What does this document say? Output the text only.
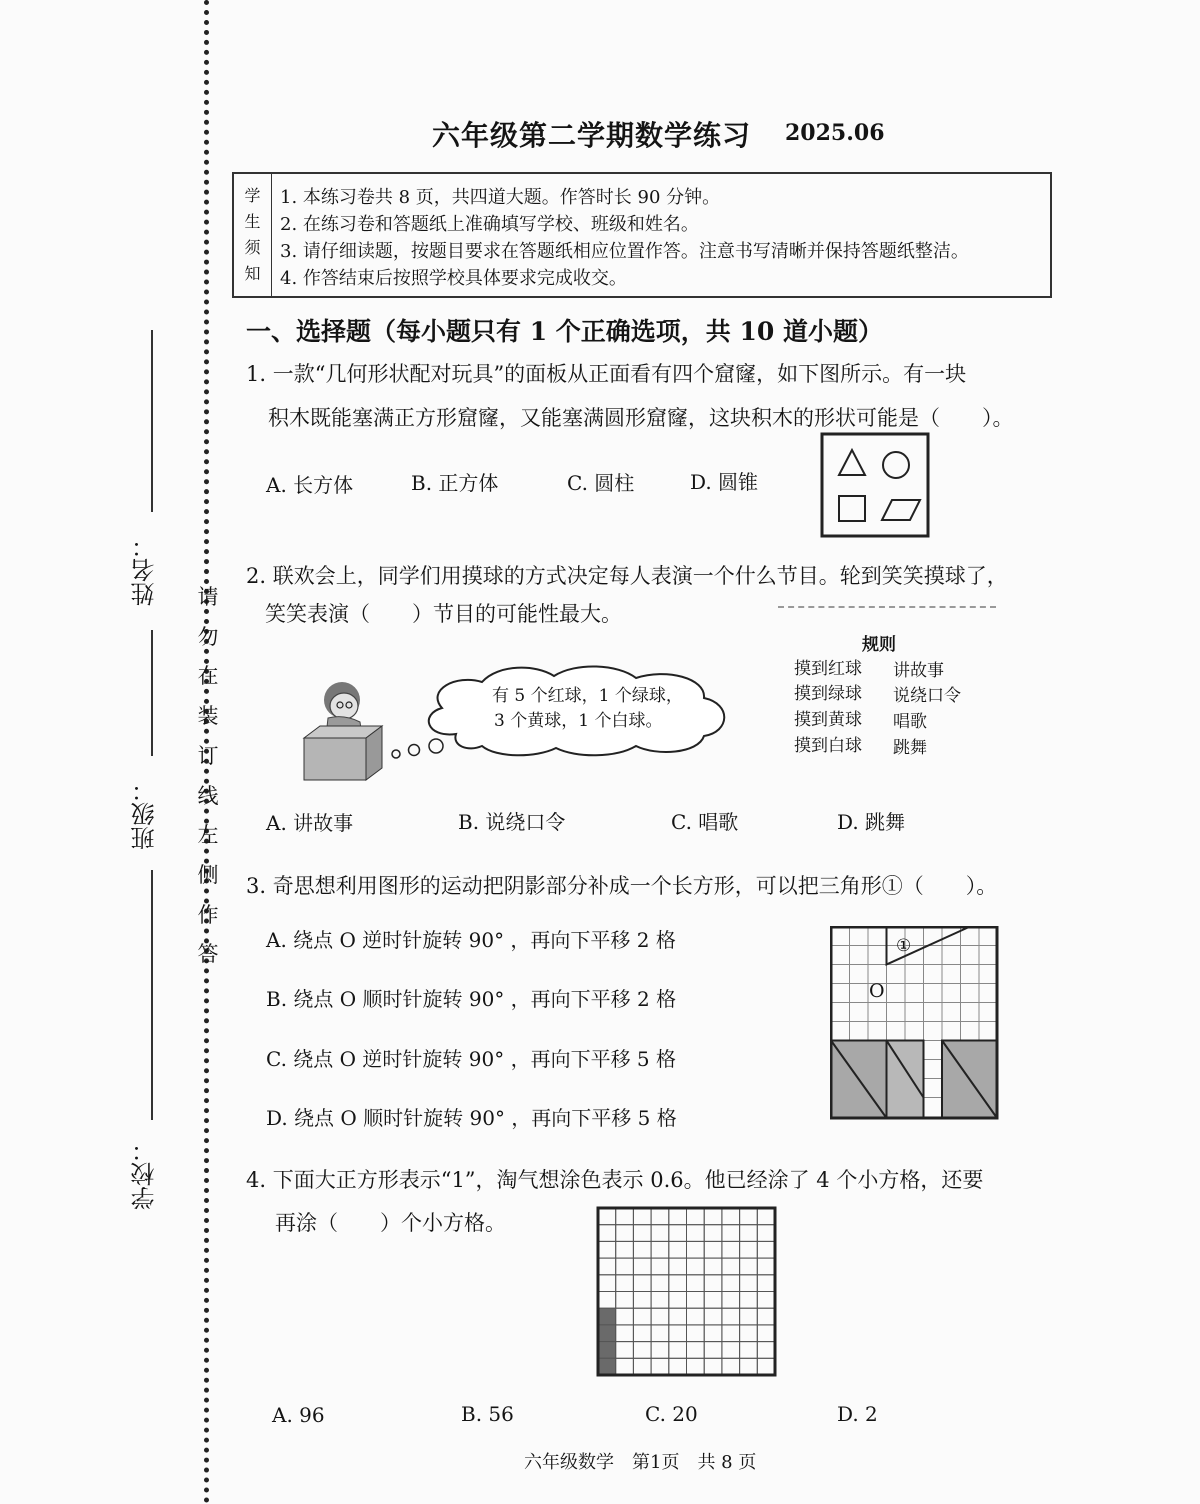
姓名：
班级：
学校：
请
勿
在
装
订
线
左
侧
作
答
六年级第二学期数学练习 2025.06
学
生
须
知
1. 本练习卷共 8 页，共四道大题。作答时长 90 分钟。
2. 在练习卷和答题纸上准确填写学校、班级和姓名。
3. 请仔细读题，按题目要求在答题纸相应位置作答。注意书写清晰并保持答题纸整洁。
4. 作答结束后按照学校具体要求完成收交。
一、选择题（每小题只有 1 个正确选项，共 10 道小题）
1. 一款“几何形状配对玩具”的面板从正面看有四个窟窿，如下图所示。有一块
积木既能塞满正方形窟窿，又能塞满圆形窟窿，这块积木的形状可能是（　　）。
A. 长方体	B. 正方体	C. 圆柱	D. 圆锥
2. 联欢会上，同学们用摸球的方式决定每人表演一个什么节目。轮到笑笑摸球了，
笑笑表演（　　）节目的可能性最大。
有 5 个红球，1 个绿球，
3 个黄球，1 个白球。
规则
摸到红球 讲故事
摸到绿球 说绕口令
摸到黄球 唱歌
摸到白球 跳舞
A. 讲故事	B. 说绕口令	C. 唱歌	D. 跳舞
3. 奇思想利用图形的运动把阴影部分补成一个长方形，可以把三角形①（　　）。
A. 绕点 O 逆时针旋转 90° ，再向下平移 2 格
B. 绕点 O 顺时针旋转 90° ，再向下平移 2 格
C. 绕点 O 逆时针旋转 90° ，再向下平移 5 格
D. 绕点 O 顺时针旋转 90° ，再向下平移 5 格
①
O
4. 下面大正方形表示“1”，淘气想涂色表示 0.6。他已经涂了 4 个小方格，还要
再涂（　　）个小方格。
A. 96	B. 56	C. 20	D. 2
六年级数学　第1页　共 8 页
